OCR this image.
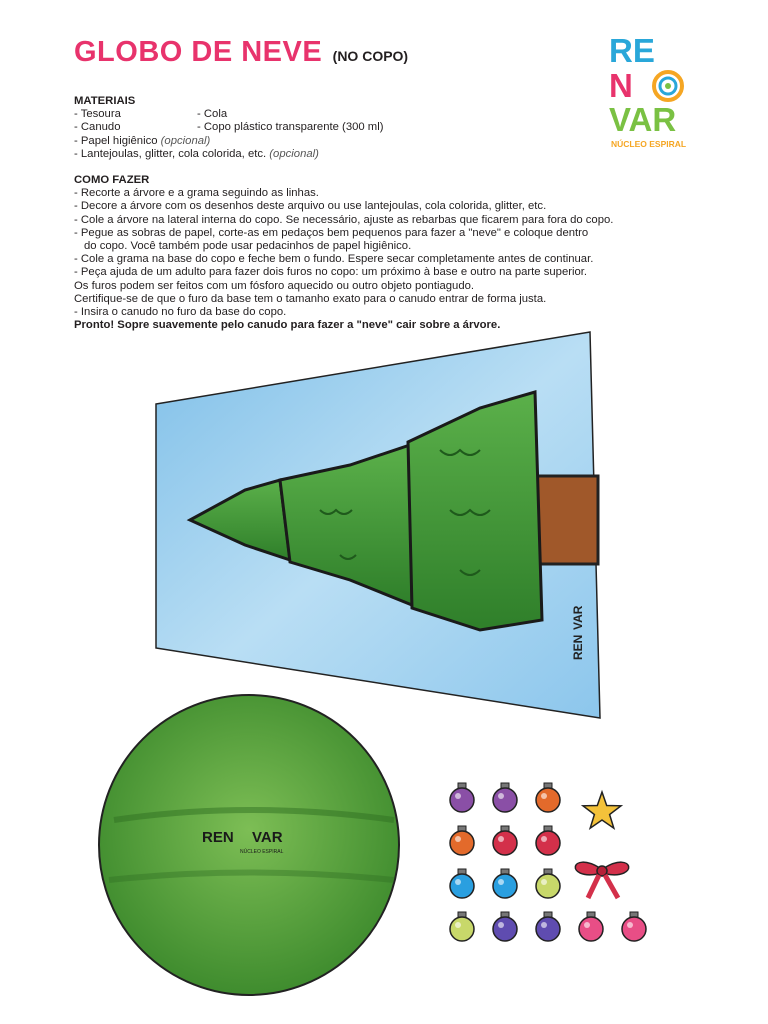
GLOBO DE NEVE (NO COPO)	RE
N
VAR
NÚCLEO ESPIRAL
MATERIAIS
- Tesoura	- Cola
- Canudo	- Copo plástico transparente (300 ml)
- Papel higiênico (opcional)
- Lantejoulas, glitter, cola colorida, etc. (opcional)
COMO FAZER
- Recorte a árvore e a grama seguindo as linhas.
- Decore a árvore com os desenhos deste arquivo ou use lantejoulas, cola colorida, glitter, etc.
- Cole a árvore na lateral interna do copo. Se necessário, ajuste as rebarbas que ficarem para fora do copo.
- Pegue as sobras de papel, corte-as em pedaços bem pequenos para fazer a "neve" e coloque dentro
do copo. Você também pode usar pedacinhos de papel higiênico.
- Cole a grama na base do copo e feche bem o fundo. Espere secar completamente antes de continuar.
- Peça ajuda de um adulto para fazer dois furos no copo: um próximo à base e outro na parte superior.
Os furos podem ser feitos com um fósforo aquecido ou outro objeto pontiagudo.
Certifique-se de que o furo da base tem o tamanho exato para o canudo entrar de forma justa.
- Insira o canudo no furo da base do copo.
Pronto! Sopre suavemente pelo canudo para fazer a "neve" cair sobre a árvore.
REN
VAR
REN VAR
NÚCLEO ESPIRAL
